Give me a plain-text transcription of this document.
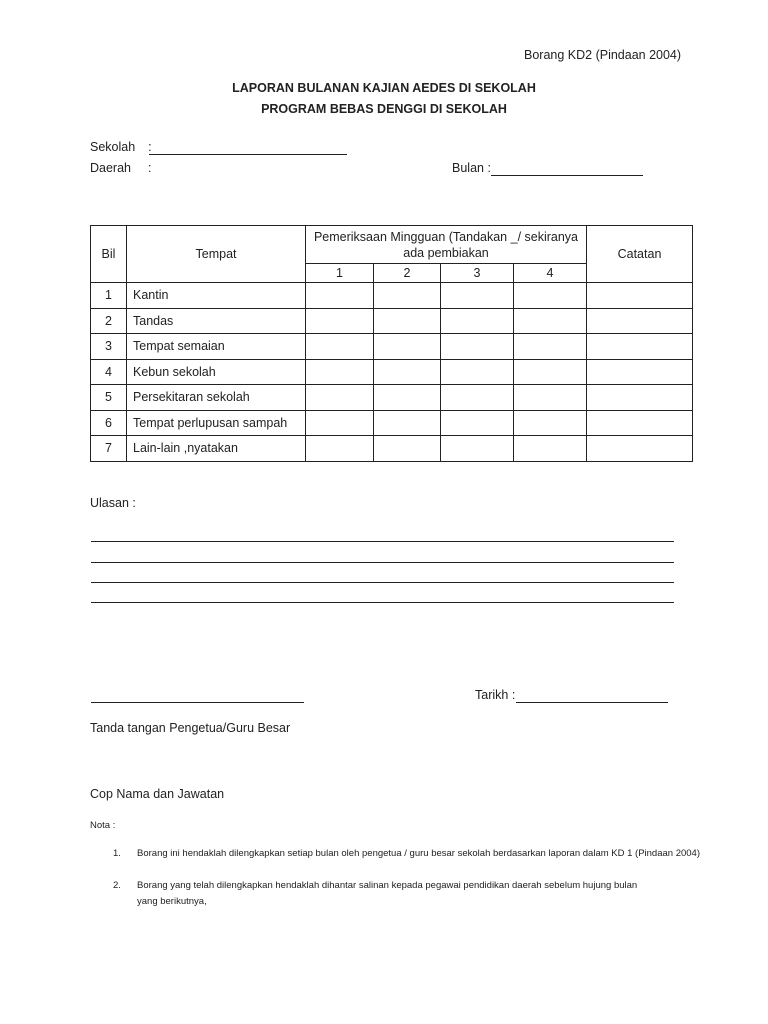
Borang KD2 (Pindaan 2004)
LAPORAN BULANAN KAJIAN AEDES DI SEKOLAH
PROGRAM BEBAS DENGGI DI SEKOLAH
Sekolah :
Daerah :	Bulan :
Bil	Tempat	Pemeriksaan Mingguan (Tandakan _/ sekiranya ada pembiakan				Catatan
		1	2	3	4	
1	Kantin					
2	Tandas					
3	Tempat semaian					
4	Kebun sekolah					
5	Persekitaran sekolah					
6	Tempat perlupusan sampah					
7	Lain-lain ,nyatakan					
Ulasan :
Tarikh :
Tanda tangan Pengetua/Guru Besar
Cop Nama dan Jawatan
Nota :
1. Borang ini hendaklah dilengkapkan setiap bulan oleh pengetua / guru besar sekolah berdasarkan laporan dalam KD 1 (Pindaan 2004)
2. Borang yang telah dilengkapkan hendaklah dihantar salinan kepada pegawai pendidikan daerah sebelum hujung bulan yang berikutnya,
